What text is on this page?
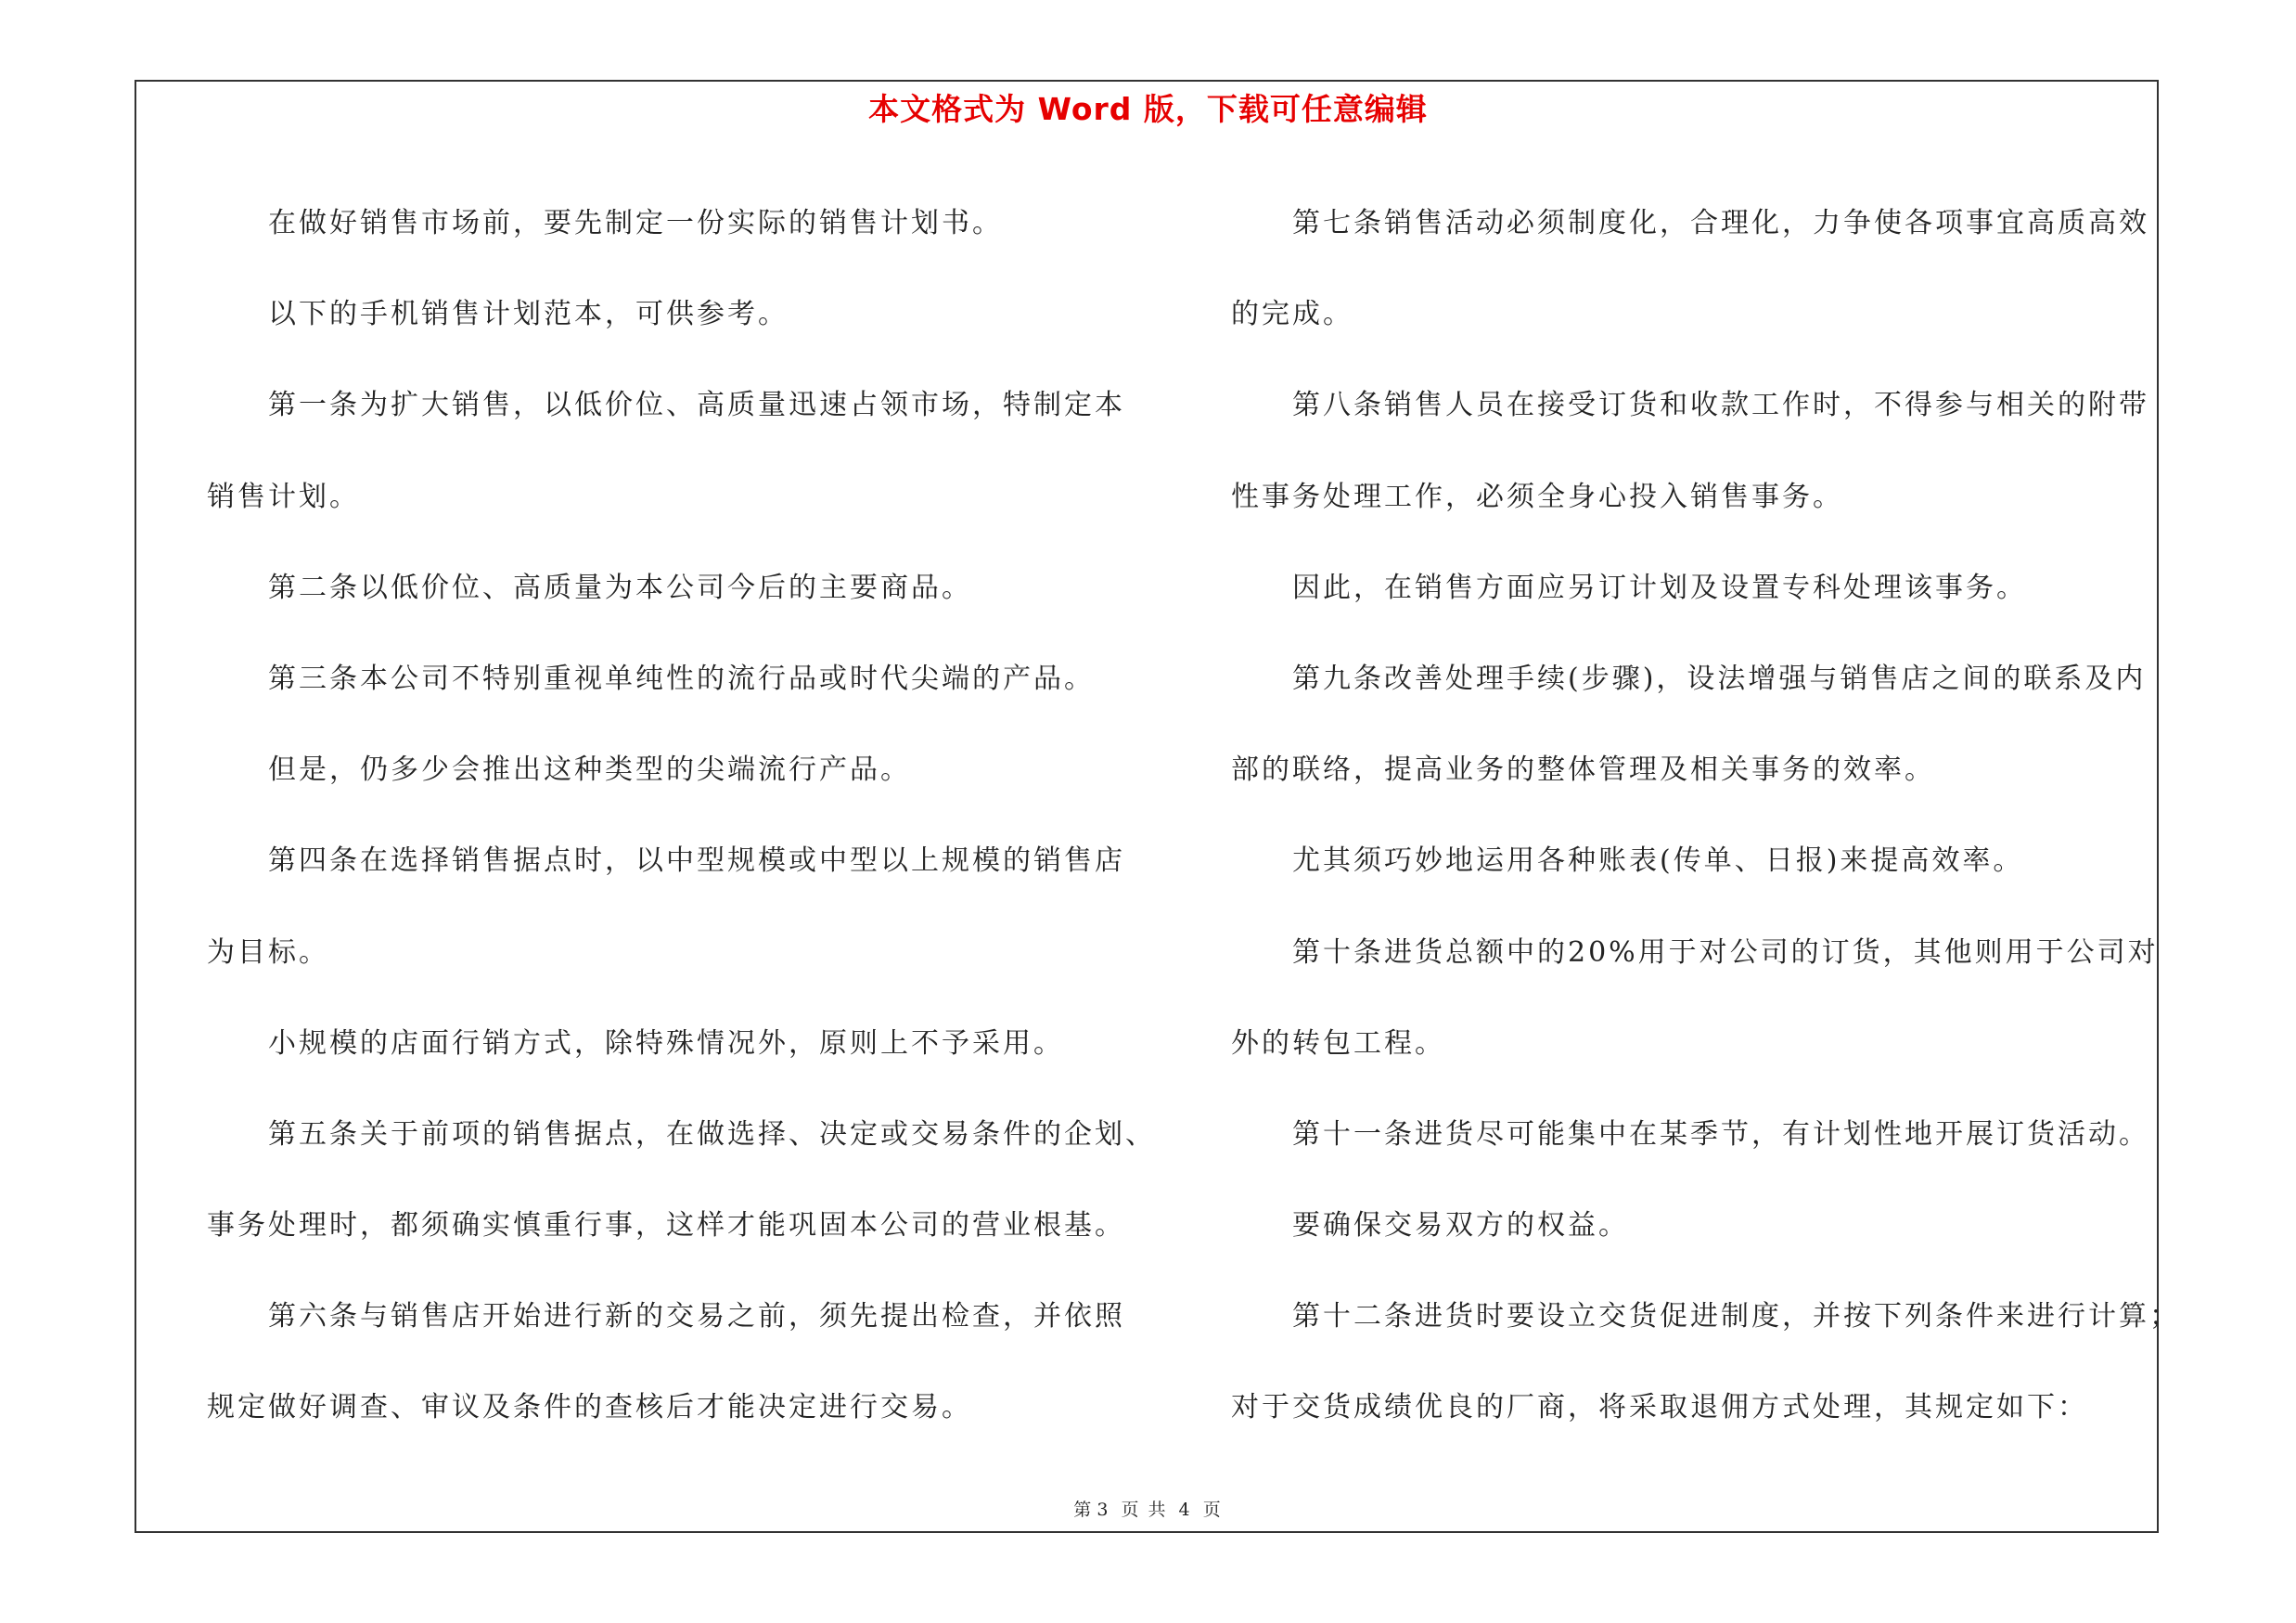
本文格式为 Word 版，下载可任意编辑

在做好销售市场前，要先制定一份实际的销售计划书。

以下的手机销售计划范本，可供参考。

第一条为扩大销售，以低价位、高质量迅速占领市场，特制定本

销售计划。

第二条以低价位、高质量为本公司今后的主要商品。

第三条本公司不特别重视单纯性的流行品或时代尖端的产品。

但是，仍多少会推出这种类型的尖端流行产品。

第四条在选择销售据点时，以中型规模或中型以上规模的销售店

为目标。

小规模的店面行销方式，除特殊情况外，原则上不予采用。

第五条关于前项的销售据点，在做选择、决定或交易条件的企划、

事务处理时，都须确实慎重行事，这样才能巩固本公司的营业根基。

第六条与销售店开始进行新的交易之前，须先提出检查，并依照

规定做好调查、审议及条件的查核后才能决定进行交易。

第七条销售活动必须制度化，合理化，力争使各项事宜高质高效

的完成。

第八条销售人员在接受订货和收款工作时，不得参与相关的附带

性事务处理工作，必须全身心投入销售事务。

因此，在销售方面应另订计划及设置专科处理该事务。

第九条改善处理手续(步骤)，设法增强与销售店之间的联系及内

部的联络，提高业务的整体管理及相关事务的效率。

尤其须巧妙地运用各种账表(传单、日报)来提高效率。

第十条进货总额中的20%用于对公司的订货，其他则用于公司对

外的转包工程。

第十一条进货尽可能集中在某季节，有计划性地开展订货活动。

要确保交易双方的权益。

第十二条进货时要设立交货促进制度，并按下列条件来进行计算；

对于交货成绩优良的厂商，将采取退佣方式处理，其规定如下：

第 3 页 共 4 页
